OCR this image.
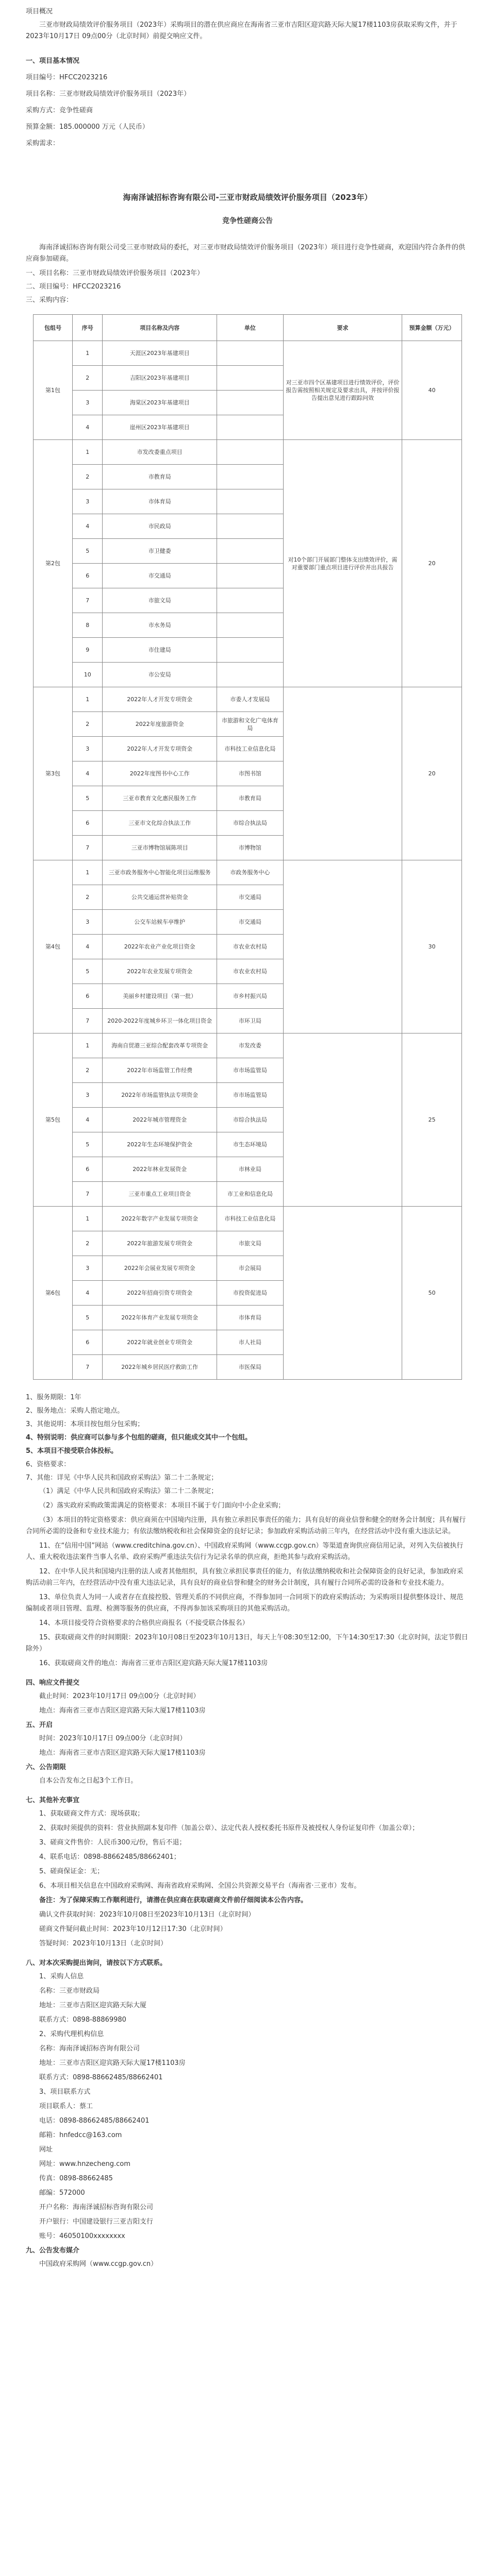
项目概况
三亚市财政局绩效评价服务项目（2023年）采购项目的潜在供应商应在海南省三亚市吉阳区迎宾路天际大厦17楼1103房获取采购文件，并于2023年10月17日 09点00分（北京时间）前提交响应文件。
一、项目基本情况
项目编号：HFCC2023216
项目名称：三亚市财政局绩效评价服务项目（2023年）
采购方式：竞争性磋商
预算金额：185.000000 万元（人民币）
采购需求：
海南泽诚招标咨询有限公司-三亚市财政局绩效评价服务项目（2023年）
竞争性磋商公告
海南泽诚招标咨询有限公司受三亚市财政局的委托，对三亚市财政局绩效评价服务项目（2023年）项目进行竞争性磋商，欢迎国内符合条件的供应商参加磋商。
一、项目名称：三亚市财政局绩效评价服务项目（2023年）
二、项目编号：HFCC2023216
三、采购内容：
包组号	序号	项目名称及内容	单位	要求	预算金额（万元）
第1包	1	天涯区2023年基建项目		对三亚市四个区基建项目进行绩效评价，评价报告需按照相关规定及要求出具，并按评价报告提出意见进行跟踪问效	40
	2	吉阳区2023年基建项目			
	3	海棠区2023年基建项目			
	4	崖州区2023年基建项目			
第2包	1	市发改委重点项目		对10个部门开展部门整体支出绩效评价，需对重要部门重点项目进行评价并出具报告	20
	2	市教育局			
	3	市体育局			
	4	市民政局			
	5	市卫健委			
	6	市交通局			
	7	市旅文局			
	8	市水务局			
	9	市住建局			
	10	市公安局			
第3包	1	2022年人才开发专项资金	市委人才发展局		20
	2	2022年度旅游资金	市旅游和文化广电体育局		
	3	2022年人才开发专项资金	市科技工业信息化局		
	4	2022年度图书中心工作	市图书馆		
	5	三亚市教育文化惠民服务工作	市教育局		
	6	三亚市文化综合执法工作	市综合执法局		
	7	三亚市博物馆展陈项目	市博物馆		
第4包	1	三亚市政务服务中心智能化项目运维服务	市政务服务中心		30
	2	公共交通运营补贴资金	市交通局		
	3	公交车站候车亭维护	市交通局		
	4	2022年农业产业化项目资金	市农业农村局		
	5	2022年农业发展专项资金	市农业农村局		
	6	美丽乡村建设项目（第一批）	市乡村振兴局		
	7	2020-2022年度城乡环卫一体化项目资金	市环卫局		
第5包	1	海南自贸港三亚综合配套改革专项资金	市发改委		25
	2	2022年市场监管工作经费	市市场监管局		
	3	2022年市场监管执法专项资金	市市场监管局		
	4	2022年城市管理资金	市综合执法局		
	5	2022年生态环境保护资金	市生态环境局		
	6	2022年林业发展资金	市林业局		
	7	三亚市重点工业项目资金	市工业和信息化局		
第6包	1	2022年数字产业发展专项资金	市科技工业信息化局		50
	2	2022年旅游发展专项资金	市旅文局		
	3	2022年会展业发展专项资金	市会展局		
	4	2022年招商引资专项资金	市投资促进局		
	5	2022年体育产业发展专项资金	市体育局		
	6	2022年就业创业专项资金	市人社局		
	7	2022年城乡居民医疗救助工作	市医保局		
1、服务期限：1年
2、服务地点：采购人指定地点。
3、其他说明：本项目按包组分包采购；
4、特别说明：供应商可以参与多个包组的磋商，但只能成交其中一个包组。
5、本项目不接受联合体投标。
6、资格要求：
7、其他：详见《中华人民共和国政府采购法》第二十二条规定；
（1）满足《中华人民共和国政府采购法》第二十二条规定；
（2）落实政府采购政策需满足的资格要求：本项目不属于专门面向中小企业采购；
（3）本项目的特定资格要求：供应商须在中国境内注册，具有独立承担民事责任的能力；具有良好的商业信誉和健全的财务会计制度；具有履行合同所必需的设备和专业技术能力；有依法缴纳税收和社会保障资金的良好记录；参加政府采购活动前三年内，在经营活动中没有重大违法记录。
11、在“信用中国”网站（www.creditchina.gov.cn）、中国政府采购网（www.ccgp.gov.cn）等渠道查询供应商信用记录，对列入失信被执行人、重大税收违法案件当事人名单、政府采购严重违法失信行为记录名单的供应商，拒绝其参与政府采购活动。
12、在中华人民共和国境内注册的法人或者其他组织，具有独立承担民事责任的能力，有依法缴纳税收和社会保障资金的良好记录，参加政府采购活动前三年内，在经营活动中没有重大违法记录，具有良好的商业信誉和健全的财务会计制度，具有履行合同所必需的设备和专业技术能力。
13、单位负责人为同一人或者存在直接控股、管理关系的不同供应商，不得参加同一合同项下的政府采购活动；为采购项目提供整体设计、规范编制或者项目管理、监理、检测等服务的供应商，不得再参加该采购项目的其他采购活动。
14、本项目接受符合资格要求的合格供应商报名（不接受联合体报名）
15、获取磋商文件的时间期限：2023年10月08日至2023年10月13日，每天上午08:30至12:00，下午14:30至17:30（北京时间，法定节假日除外）
16、获取磋商文件的地点：海南省三亚市吉阳区迎宾路天际大厦17楼1103房
四、响应文件提交
截止时间：2023年10月17日 09点00分（北京时间）
地点：海南省三亚市吉阳区迎宾路天际大厦17楼1103房
五、开启
时间：2023年10月17日 09点00分（北京时间）
地点：海南省三亚市吉阳区迎宾路天际大厦17楼1103房
六、公告期限
自本公告发布之日起3个工作日。
七、其他补充事宜
1、获取磋商文件方式：现场获取；
2、获取时须提供的资料：营业执照副本复印件（加盖公章）、法定代表人授权委托书原件及被授权人身份证复印件（加盖公章）；
3、磋商文件售价：人民币300元/份，售后不退；
4、联系电话：0898-88662485/88662401；
5、磋商保证金：无；
6、本项目相关信息在中国政府采购网、海南省政府采购网、全国公共资源交易平台（海南省·三亚市）发布。
备注：为了保障采购工作顺利进行，请潜在供应商在获取磋商文件前仔细阅读本公告内容。
确认文件获取时间：2023年10月08日至2023年10月13日（北京时间）
磋商文件疑问截止时间：2023年10月12日17:30（北京时间）
答疑时间：2023年10月13日（北京时间）
八、对本次采购提出询问，请按以下方式联系。
1、采购人信息
名称：三亚市财政局
地址：三亚市吉阳区迎宾路天际大厦
联系方式：0898-88869980
2、采购代理机构信息
名称：海南泽诚招标咨询有限公司
地址：三亚市吉阳区迎宾路天际大厦17楼1103房
联系方式：0898-88662485/88662401
3、项目联系方式
项目联系人：蔡工
电话：0898-88662485/88662401
邮箱：hnfedcc@163.com
网址
网址：www.hnzecheng.com
传真：0898-88662485
邮编：572000
开户名称：海南泽诚招标咨询有限公司
开户银行：中国建设银行三亚吉阳支行
账号：46050100xxxxxxxx
九、公告发布媒介
中国政府采购网（www.ccgp.gov.cn）
